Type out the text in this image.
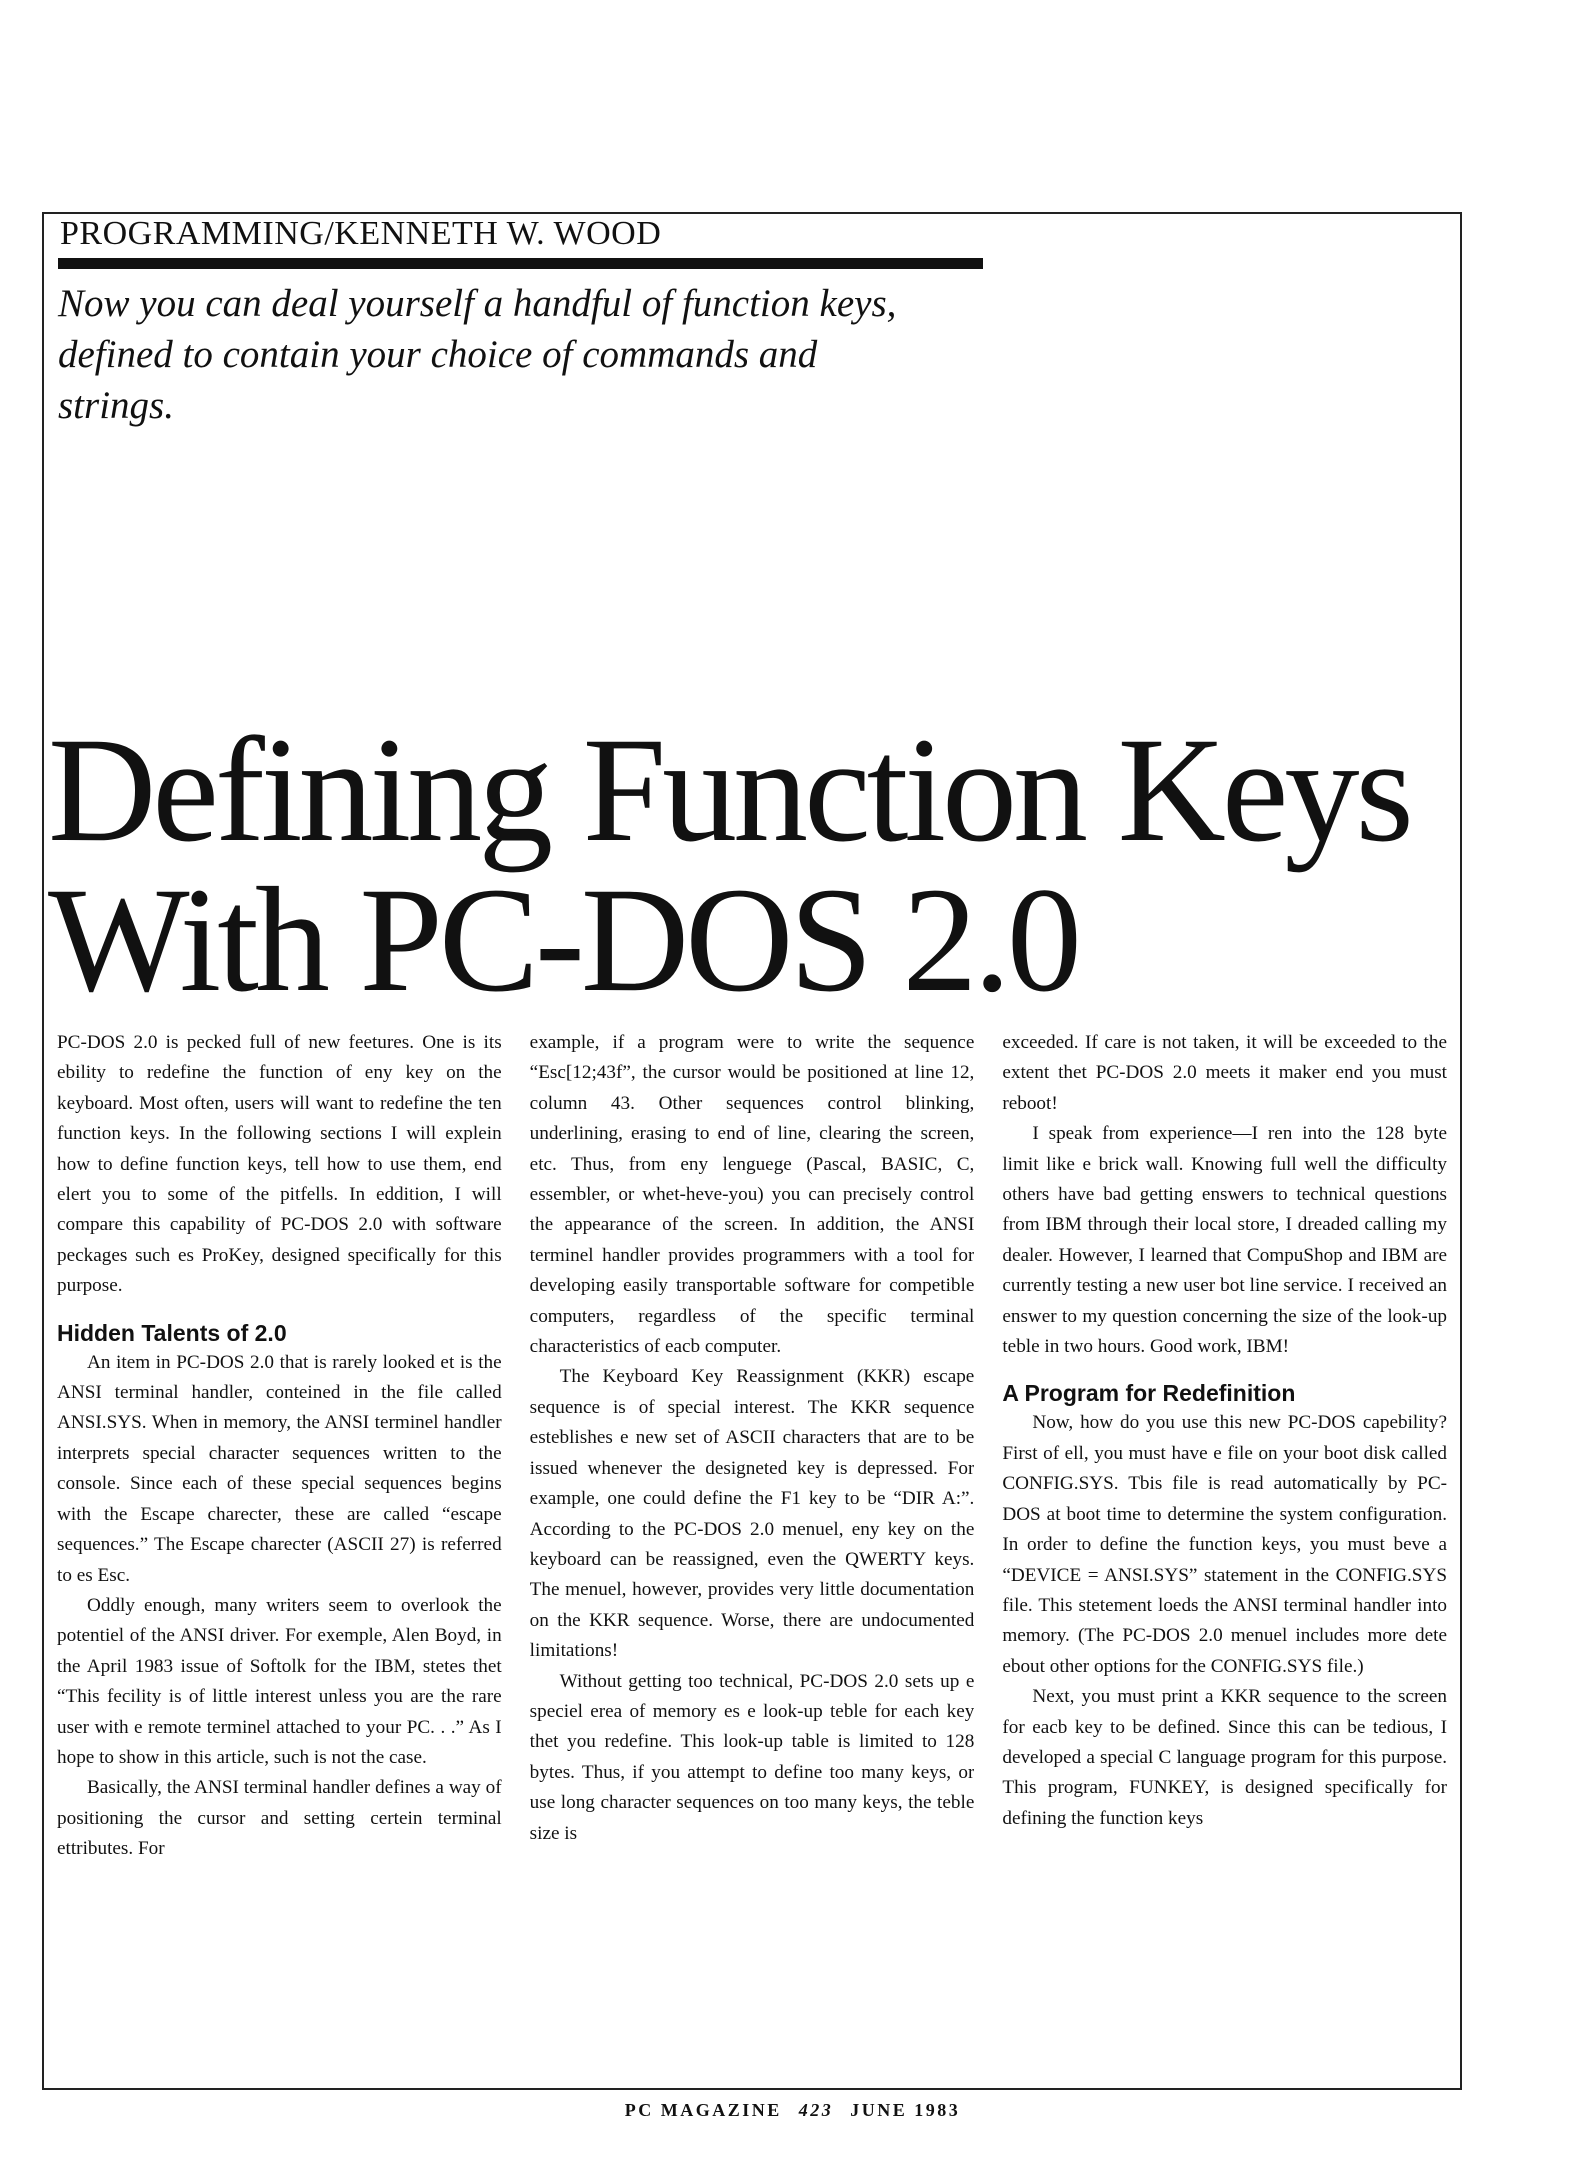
PROGRAMMING/KENNETH W. WOOD
Now you can deal yourself a handful of function keys, defined to contain your choice of commands and strings.
Defining Function Keys
With PC-DOS 2.0

PC-DOS 2.0 is pecked full of new feetures. One is its ebility to redefine the function of eny key on the keyboard. Most often, users will want to redefine the ten function keys. In the following sections I will explein how to define function keys, tell how to use them, end elert you to some of the pitfells. In eddition, I will compare this capability of PC-DOS 2.0 with software peckages such es ProKey, designed specifically for this purpose.

Hidden Talents of 2.0

An item in PC-DOS 2.0 that is rarely looked et is the ANSI terminal handler, conteined in the file called ANSI.SYS. When in memory, the ANSI terminel handler interprets special character sequences written to the console. Since each of these special sequences begins with the Escape charecter, these are called “escape sequences.” The Escape charecter (ASCII 27) is referred to es Esc.

Oddly enough, many writers seem to overlook the potentiel of the ANSI driver. For exemple, Alen Boyd, in the April 1983 issue of Softolk for the IBM, stetes thet “This fecility is of little interest unless you are the rare user with e remote terminel attached to your PC. . .” As I hope to show in this article, such is not the case.

Basically, the ANSI terminal handler defines a way of positioning the cursor and setting certein terminal ettributes. For

example, if a program were to write the sequence “Esc[12;43f”, the cursor would be positioned at line 12, column 43. Other sequences control blinking, underlining, erasing to end of line, clearing the screen, etc. Thus, from eny lenguege (Pascal, BASIC, C, essembler, or whet-heve-you) you can precisely control the appearance of the screen. In addition, the ANSI terminel handler provides programmers with a tool for developing easily transportable software for competible computers, regardless of the specific terminal characteristics of eacb computer.

The Keyboard Key Reassignment (KKR) escape sequence is of special interest. The KKR sequence esteblishes e new set of ASCII characters that are to be issued whenever the designeted key is depressed. For example, one could define the F1 key to be “DIR A:”. According to the PC-DOS 2.0 menuel, eny key on the keyboard can be reassigned, even the QWERTY keys. The menuel, however, provides very little documentation on the KKR sequence. Worse, there are undocumented limitations!

Without getting too technical, PC-DOS 2.0 sets up e speciel erea of memory es e look-up teble for each key thet you redefine. This look-up table is limited to 128 bytes. Thus, if you attempt to define too many keys, or use long character sequences on too many keys, the teble size is

exceeded. If care is not taken, it will be exceeded to the extent thet PC-DOS 2.0 meets it maker end you must reboot!

I speak from experience—I ren into the 128 byte limit like e brick wall. Knowing full well the difficulty others have bad getting enswers to technical questions from IBM through their local store, I dreaded calling my dealer. However, I learned that CompuShop and IBM are currently testing a new user bot line service. I received an enswer to my question concerning the size of the look-up teble in two hours. Good work, IBM!

A Program for Redefinition

Now, how do you use this new PC-DOS capebility? First of ell, you must have e file on your boot disk called CONFIG.SYS. Tbis file is read automatically by PC-DOS at boot time to determine the system configuration. In order to define the function keys, you must beve a “DEVICE = ANSI.SYS” statement in the CONFIG.SYS file. This stetement loeds the ANSI terminal handler into memory. (The PC-DOS 2.0 menuel includes more dete ebout other options for the CONFIG.SYS file.)

Next, you must print a KKR sequence to the screen for eacb key to be defined. Since this can be tedious, I developed a special C language program for this purpose. This program, FUNKEY, is designed specifically for defining the function keys

PC MAGAZINE 423 JUNE 1983
